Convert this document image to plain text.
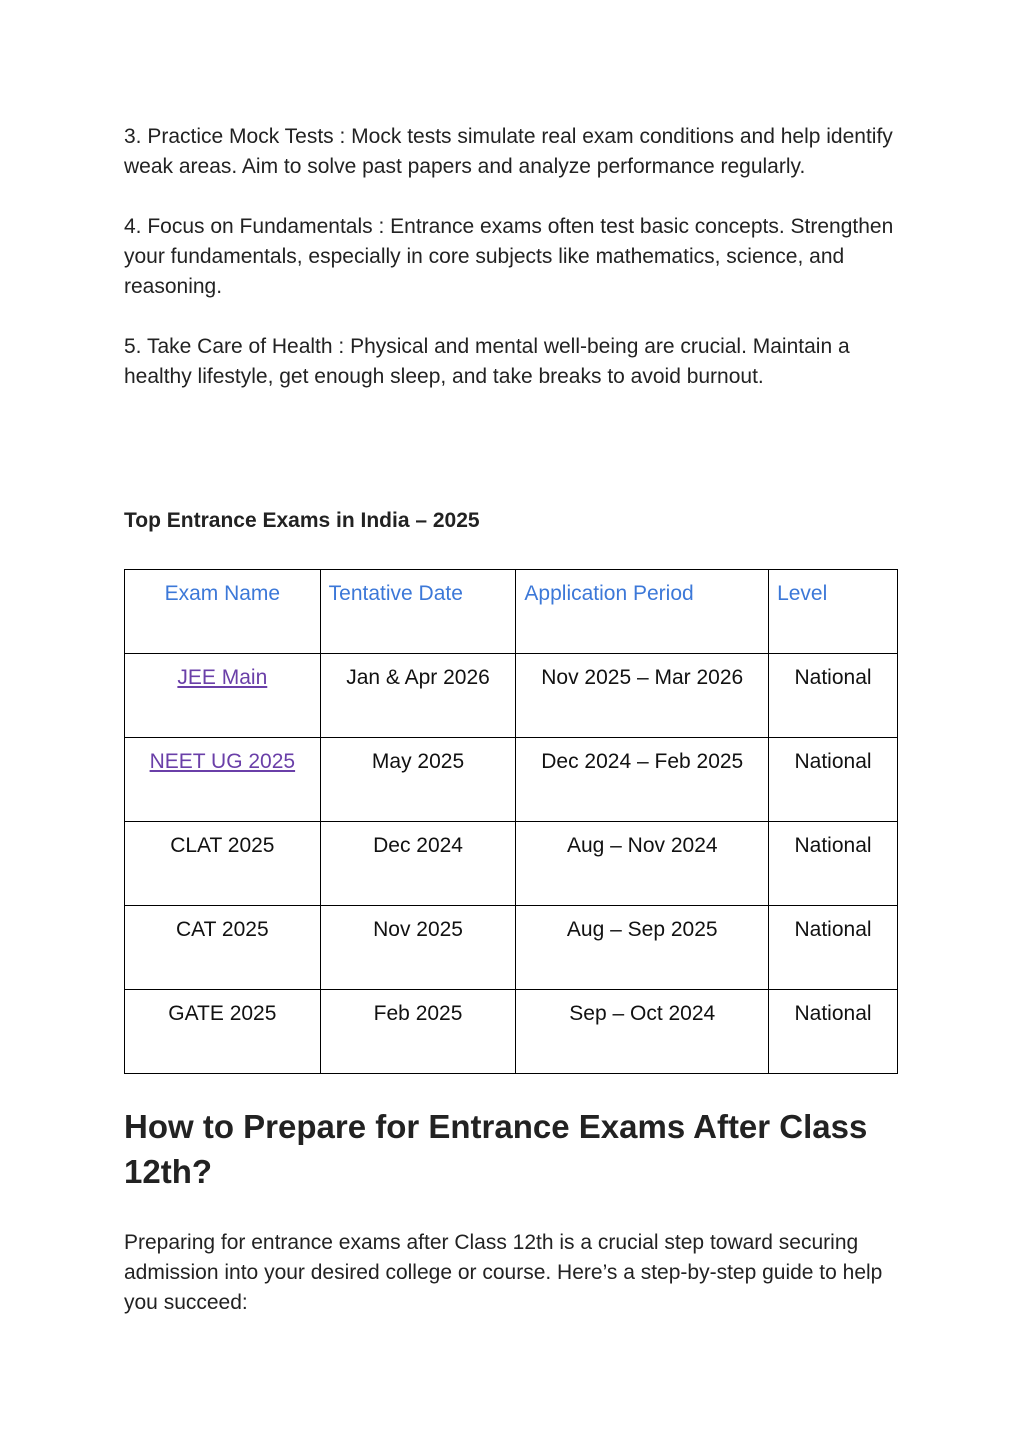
3. Practice Mock Tests : Mock tests simulate real exam conditions and help identify weak areas. Aim to solve past papers and analyze performance regularly.

4. Focus on Fundamentals : Entrance exams often test basic concepts. Strengthen your fundamentals, especially in core subjects like mathematics, science, and reasoning.

5. Take Care of Health : Physical and mental well-being are crucial. Maintain a healthy lifestyle, get enough sleep, and take breaks to avoid burnout.

Top Entrance Exams in India – 2025

Exam Name	Tentative Date	Application Period	Level
JEE Main	Jan & Apr 2026	Nov 2025 – Mar 2026	National
NEET UG 2025	May 2025	Dec 2024 – Feb 2025	National
CLAT 2025	Dec 2024	Aug – Nov 2024	National
CAT 2025	Nov 2025	Aug – Sep 2025	National
GATE 2025	Feb 2025	Sep – Oct 2024	National
How to Prepare for Entrance Exams After Class 12th?

Preparing for entrance exams after Class 12th is a crucial step toward securing admission into your desired college or course. Here’s a step-by-step guide to help you succeed:
